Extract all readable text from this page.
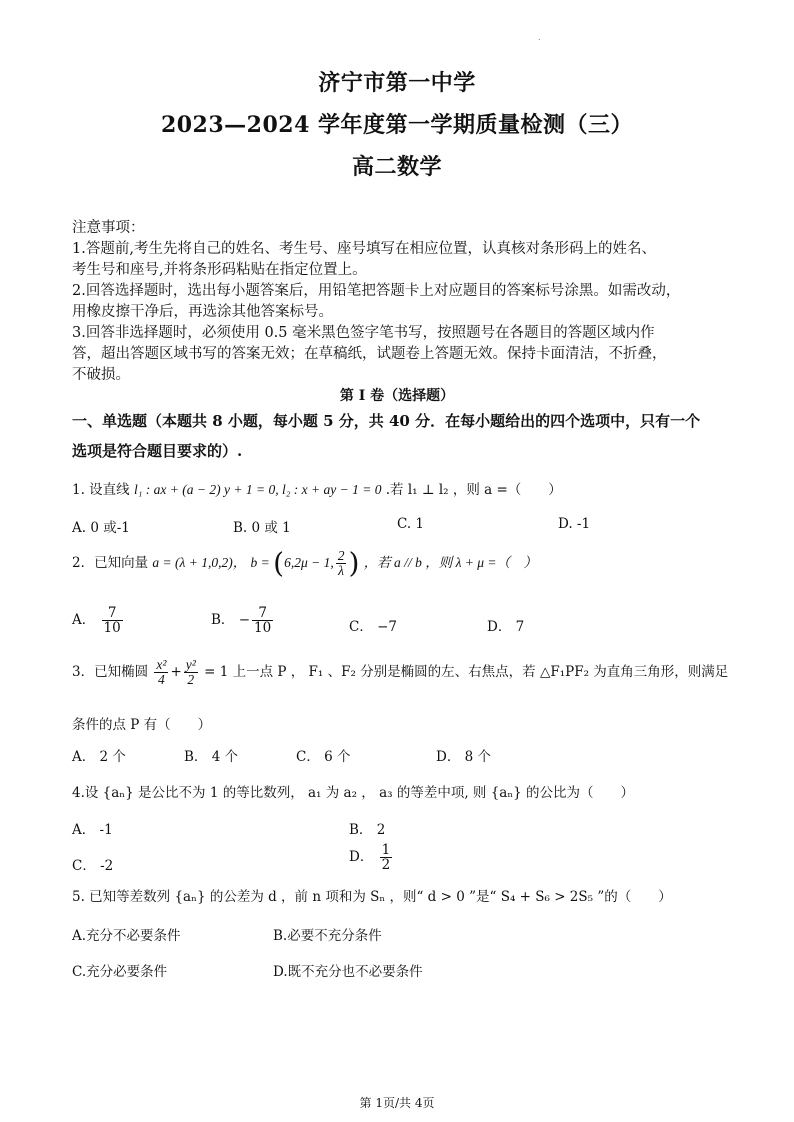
.
济宁市第一中学
2023—2024 学年度第一学期质量检测（三）
高二数学
注意事项：
1.答题前,考生先将自己的姓名、考生号、座号填写在相应位置，认真核对条形码上的姓名、
考生号和座号,并将条形码粘贴在指定位置上。
2.回答选择题时，选出每小题答案后，用铅笔把答题卡上对应题目的答案标号涂黑。如需改动，
用橡皮擦干净后，再选涂其他答案标号。
3.回答非选择题时，必须使用 0.5 毫米黑色签字笔书写，按照题号在各题目的答题区域内作
答，超出答题区域书写的答案无效；在草稿纸，试题卷上答题无效。保持卡面清洁，不折叠，
不破损。
第 I 卷（选择题）
一、单选题（本题共 8 小题，每小题 5 分，共 40 分．在每小题给出的四个选项中，只有一个
选项是符合题目要求的）.
1. 设直线 l₁ : ax + (a − 2) y + 1 = 0, l₂ : x + ay − 1 = 0 .若 l₁ ⊥ l₂ ，则 a =（　　）
A. 0 或-1	B. 0 或 1	C. 1	D. -1
2．已知向量 a = (λ + 1,0,2)， b = (6,2μ − 1, $\frac{2}{\lambda}$ ) ，若 a // b ，则 λ + μ =（　）
A． $\frac{7}{10}$	B． − $\frac{7}{10}$	C． −7	D． 7
3．已知椭圆 $\frac{\text{x²}}{4} + \frac{\text{y²}}{2} = 1$ 上一点 P ， F₁ 、F₂ 分别是椭圆的左、右焦点，若 △F₁PF₂ 为直角三角形，则满足
条件的点 P 有（　　）
A． 2 个	B． 4 个	C． 6 个	D． 8 个
4.设 {aₙ} 是公比不为 1 的等比数列， a₁ 为 a₂ ， a₃ 的等差中项, 则 {aₙ} 的公比为（　　）
A． -1	B． 2
C． -2
D． $\frac{1}{2}$
5. 已知等差数列 {aₙ} 的公差为 d ，前 n 项和为 Sₙ ，则“ d > 0 ”是“ S₄ + S₆ > 2S₅ ”的（　　）
A.充分不必要条件	B.必要不充分条件
C.充分必要条件	D.既不充分也不必要条件
第 1页/共 4页
